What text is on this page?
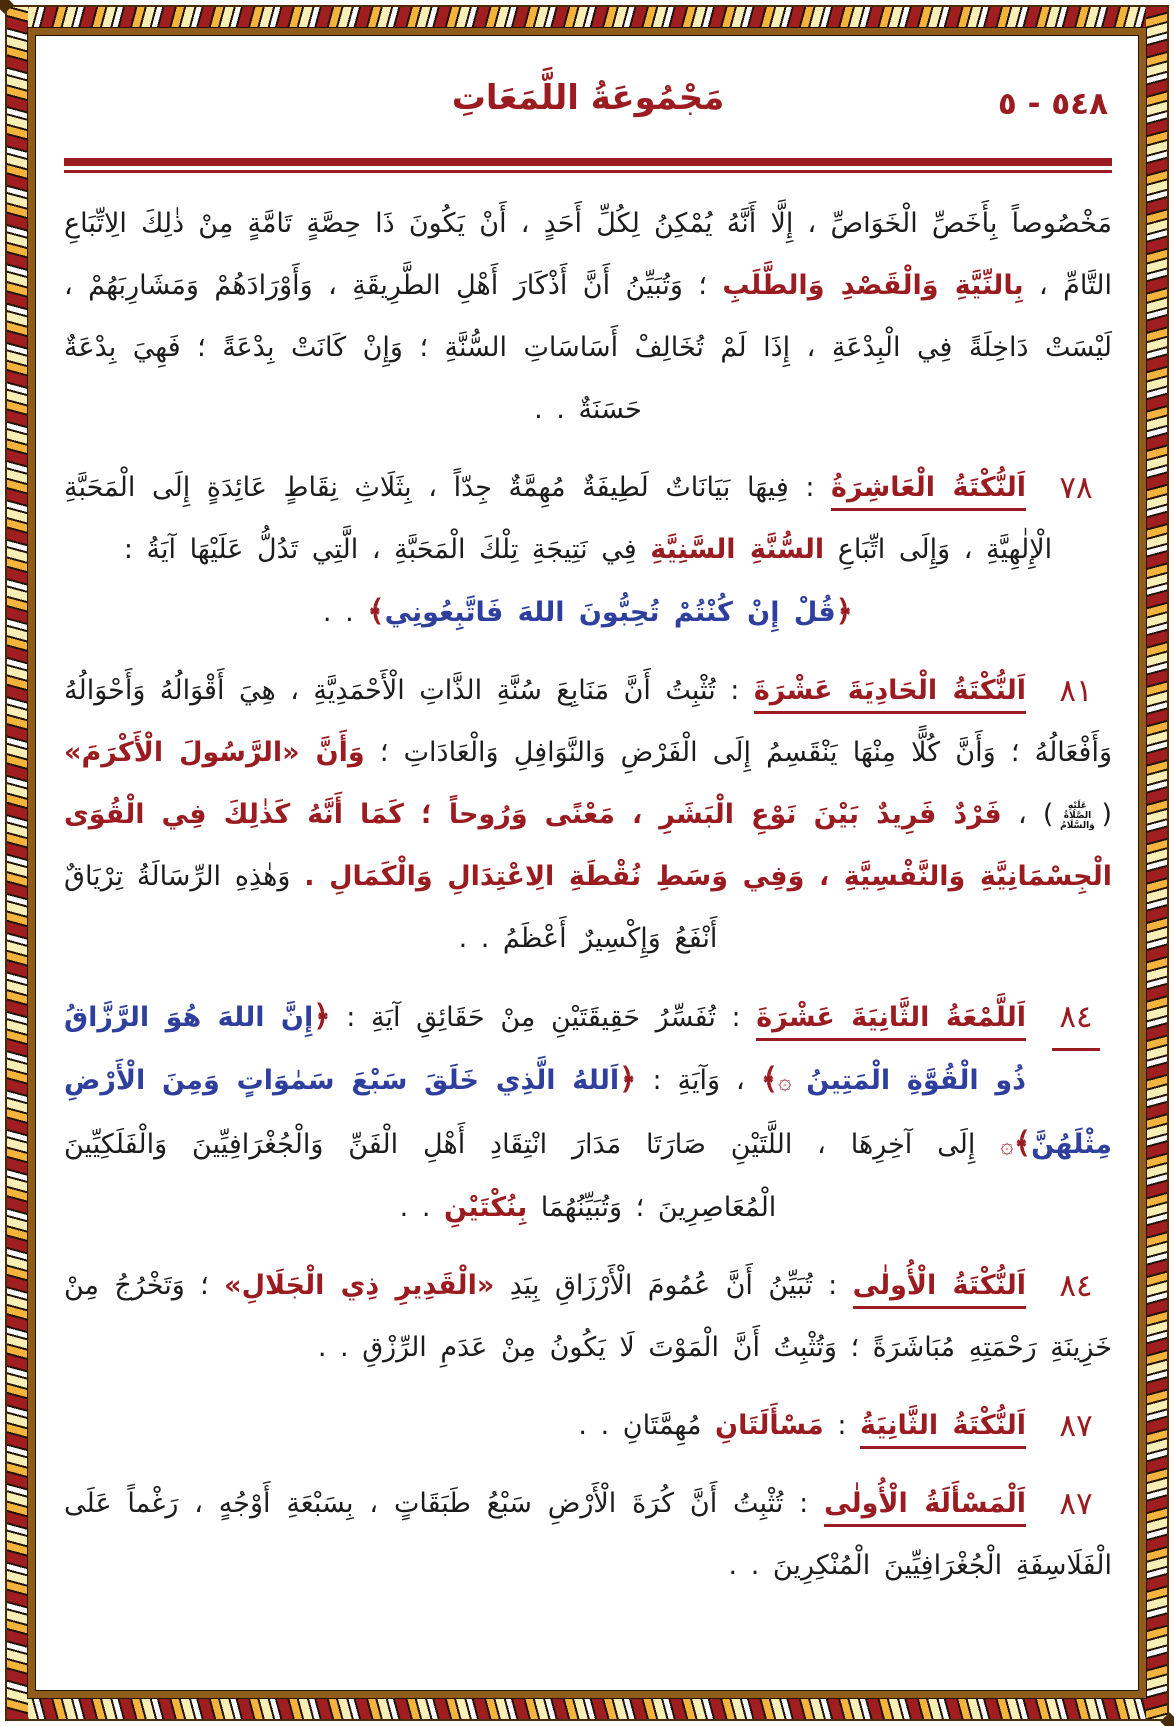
٥٤٨ - ٥
مَجْمُوعَةُ اللَّمَعَاتِ
مَخْصُوصاً بِأَخَصِّ الْخَوَاصِّ ، إِلَّا أَنَّهُ يُمْكِنُ لِكُلِّ أَحَدٍ ، أَنْ يَكُونَ ذَا حِصَّةٍ تَامَّةٍ مِنْ ذٰلِكَ الِاتِّبَاعِ التَّامِّ ، بِالنِّيَّةِ وَالْقَصْدِ وَالطَّلَبِ ؛ وَتُبَيِّنُ أَنَّ أَذْكَارَ أَهْلِ الطَّرِيقَةِ ، وَأَوْرَادَهُمْ وَمَشَارِبَهُمْ ، لَيْسَتْ دَاخِلَةً فِي الْبِدْعَةِ ، إِذَا لَمْ تُخَالِفْ أَسَاسَاتِ السُّنَّةِ ؛ وَإِنْ كَانَتْ بِدْعَةً ؛ فَهِيَ بِدْعَةٌ حَسَنَةٌ . .
٧٨
اَلنُّكْتَةُ الْعَاشِرَةُ : فِيهَا بَيَانَاتٌ لَطِيفَةٌ مُهِمَّةٌ جِدّاً ، بِثَلَاثِ نِقَاطٍ عَائِدَةٍ إِلَى الْمَحَبَّةِ الْإِلٰهِيَّةِ ، وَإِلَى اتِّبَاعِ السُّنَّةِ السَّنِيَّةِ فِي نَتِيجَةِ تِلْكَ الْمَحَبَّةِ ، الَّتِي تَدُلُّ عَلَيْهَا آيَةُ :
﴿قُلْ إِنْ كُنْتُمْ تُحِبُّونَ اللهَ فَاتَّبِعُونِي﴾ . .
٨١
اَلنُّكْتَةُ الْحَادِيَةَ عَشْرَةَ : تُثْبِتُ أَنَّ مَنَابِعَ سُنَّةِ الذَّاتِ الْأَحْمَدِيَّةِ ، هِيَ أَقْوَالُهُ وَأَحْوَالُهُ وَأَفْعَالُهُ ؛ وَأَنَّ كُلًّا مِنْهَا يَنْقَسِمُ إِلَى الْفَرْضِ وَالنَّوَافِلِ وَالْعَادَاتِ ؛ وَأَنَّ «الرَّسُولَ الْأَكْرَمَ» (عَلَيْهِ الصَّلَاةُ وَالسَّلَامُ) ، فَرْدٌ فَرِيدٌ بَيْنَ نَوْعِ الْبَشَرِ ، مَعْنًى وَرُوحاً ؛ كَمَا أَنَّهُ كَذٰلِكَ فِي الْقُوَى الْجِسْمَانِيَّةِ وَالنَّفْسِيَّةِ ، وَفِي وَسَطِ نُقْطَةِ الِاعْتِدَالِ وَالْكَمَالِ . وَهٰذِهِ الرِّسَالَةُ تِرْيَاقٌ أَنْفَعُ وَإِكْسِيرٌ أَعْظَمُ . .
٨٤
اَللَّمْعَةُ الثَّانِيَةَ عَشْرَةَ : تُفَسِّرُ حَقِيقَتَيْنِ مِنْ حَقَائِقِ آيَةِ : ﴿إِنَّ اللهَ هُوَ الرَّزَّاقُ ذُو الْقُوَّةِ الْمَتِينُ ۞﴾ ، وَآيَةِ : ﴿اَللهُ الَّذِي خَلَقَ سَبْعَ سَمٰوَاتٍ وَمِنَ الْأَرْضِ مِثْلَهُنَّ﴾۞ إِلَى آخِرِهَا ، اللَّتَيْنِ صَارَتَا مَدَارَ انْتِقَادِ أَهْلِ الْفَنِّ وَالْجُغْرَافِيِّينَ وَالْفَلَكِيِّينَ الْمُعَاصِرِينَ ؛ وَتُبَيِّنُهُمَا بِنُكْتَيْنِ . .
٨٤
اَلنُّكْتَةُ الْأُولٰى : تُبَيِّنُ أَنَّ عُمُومَ الْأَرْزَاقِ بِيَدِ «الْقَدِيرِ ذِي الْجَلَالِ» ؛ وَتَخْرُجُ مِنْ خَزِينَةِ رَحْمَتِهِ مُبَاشَرَةً ؛ وَتُثْبِتُ أَنَّ الْمَوْتَ لَا يَكُونُ مِنْ عَدَمِ الرِّزْقِ . .
٨٧
اَلنُّكْتَةُ الثَّانِيَةُ : مَسْأَلَتَانِ مُهِمَّتَانِ . .
٨٧
اَلْمَسْأَلَةُ الْأُولٰى : تُثْبِتُ أَنَّ كُرَةَ الْأَرْضِ سَبْعُ طَبَقَاتٍ ، بِسَبْعَةِ أَوْجُهٍ ، رَغْماً عَلَى الْفَلَاسِفَةِ الْجُغْرَافِيِّينَ الْمُنْكِرِينَ . .
